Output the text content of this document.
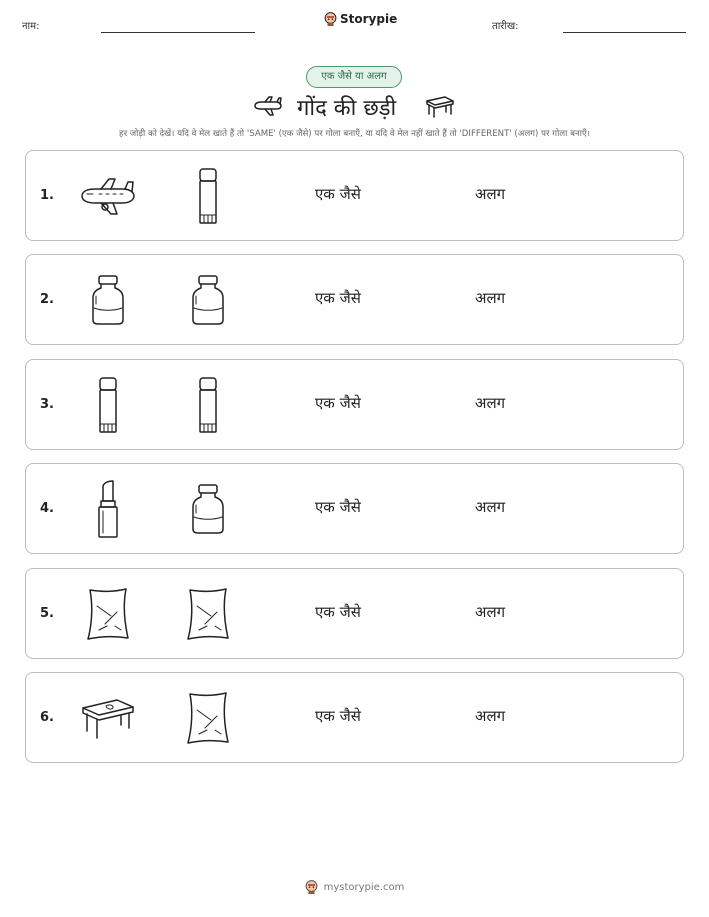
नाम:
Storypie
तारीख:
एक जैसे या अलग
गोंद की छड़ी
हर जोड़ी को देखें। यदि वे मेल खाते हैं तो 'SAME' (एक जैसे) पर गोला बनाएँ, या यदि वे मेल नहीं खाते हैं तो 'DIFFERENT' (अलग) पर गोला बनाएँ।
1.	एक जैसे	अलग
2.	एक जैसे	अलग
3.	एक जैसे	अलग
4.	एक जैसे	अलग
5.	एक जैसे	अलग
6.	एक जैसे	अलग
mystorypie.com
